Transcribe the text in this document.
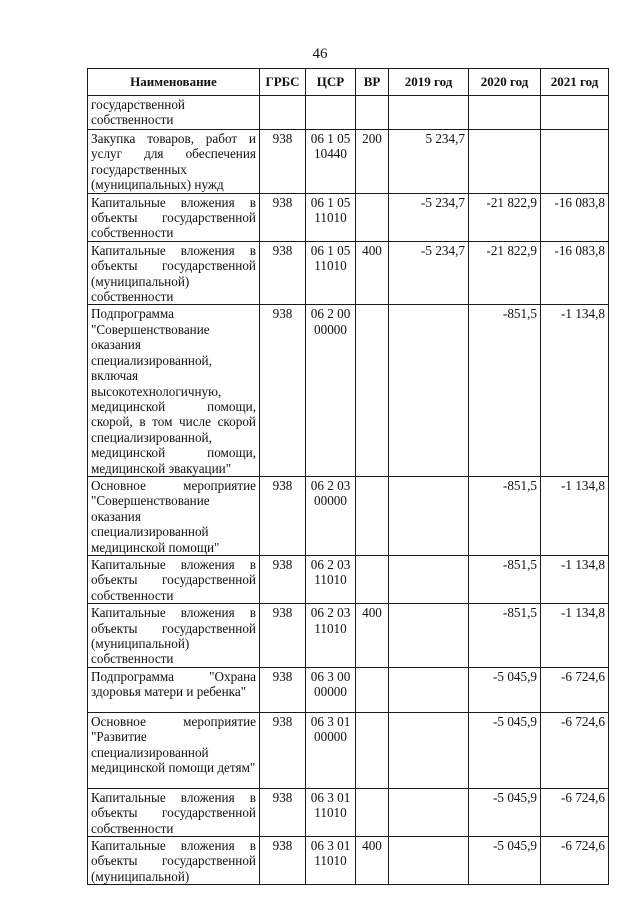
46
Наименование	ГРБС	ЦСР	ВР	2019 год	2020 год	2021 год
государственной собственности						
Закупка товаров, работ и услуг для обеспечения государственных (муниципальных) нужд	938	06 1 05 10440	200	5 234,7		
Капитальные вложения в объекты государственной собственности	938	06 1 05 11010		-5 234,7	-21 822,9	-16 083,8
Капитальные вложения в объекты государственной (муниципальной) собственности	938	06 1 05 11010	400	-5 234,7	-21 822,9	-16 083,8
Подпрограмма "Совершенствование оказания специализированной, включая высокотехнологичную, медицинской помощи, скорой, в том числе скорой специализированной, медицинской помощи, медицинской эвакуации"	938	06 2 00 00000			-851,5	-1 134,8
Основное мероприятие "Совершенствование оказания специализированной медицинской помощи"	938	06 2 03 00000			-851,5	-1 134,8
Капитальные вложения в объекты государственной собственности	938	06 2 03 11010			-851,5	-1 134,8
Капитальные вложения в объекты государственной (муниципальной) собственности	938	06 2 03 11010	400		-851,5	-1 134,8
Подпрограмма "Охрана здоровья матери и ребенка"	938	06 3 00 00000			-5 045,9	-6 724,6
Основное мероприятие "Развитие специализированной медицинской помощи детям"	938	06 3 01 00000			-5 045,9	-6 724,6
Капитальные вложения в объекты государственной собственности	938	06 3 01 11010			-5 045,9	-6 724,6
Капитальные вложения в объекты государственной (муниципальной)	938	06 3 01 11010	400		-5 045,9	-6 724,6
